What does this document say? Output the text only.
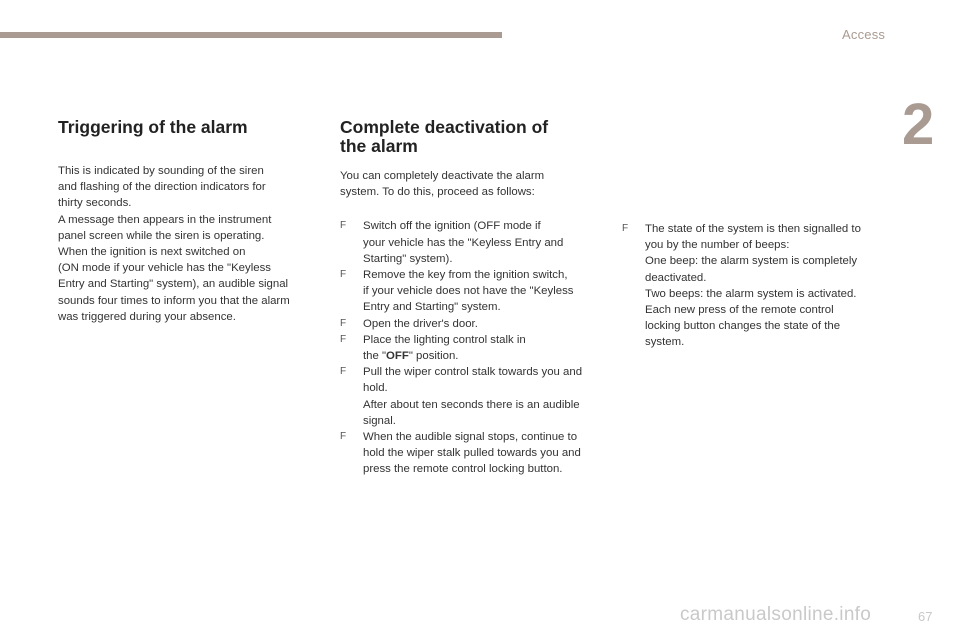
Access
2
Triggering of the alarm
This is indicated by sounding of the siren
and flashing of the direction indicators for
thirty seconds.
A message then appears in the instrument
panel screen while the siren is operating.
When the ignition is next switched on
(ON mode if your vehicle has the "Keyless
Entry and Starting" system), an audible signal
sounds four times to inform you that the alarm
was triggered during your absence.
Complete deactivation of
the alarm
You can completely deactivate the alarm
system. To do this, proceed as follows:
F Switch off the ignition (OFF mode if
your vehicle has the "Keyless Entry and
Starting" system).
F Remove the key from the ignition switch,
if your vehicle does not have the "Keyless
Entry and Starting" system.
F Open the driver's door.
F Place the lighting control stalk in
the "OFF" position.
F Pull the wiper control stalk towards you and
hold.
After about ten seconds there is an audible
signal.
F When the audible signal stops, continue to
hold the wiper stalk pulled towards you and
press the remote control locking button.
F The state of the system is then signalled to
you by the number of beeps:
One beep: the alarm system is completely
deactivated.
Two beeps: the alarm system is activated.
Each new press of the remote control
locking button changes the state of the
system.
carmanualsonline.info	67
